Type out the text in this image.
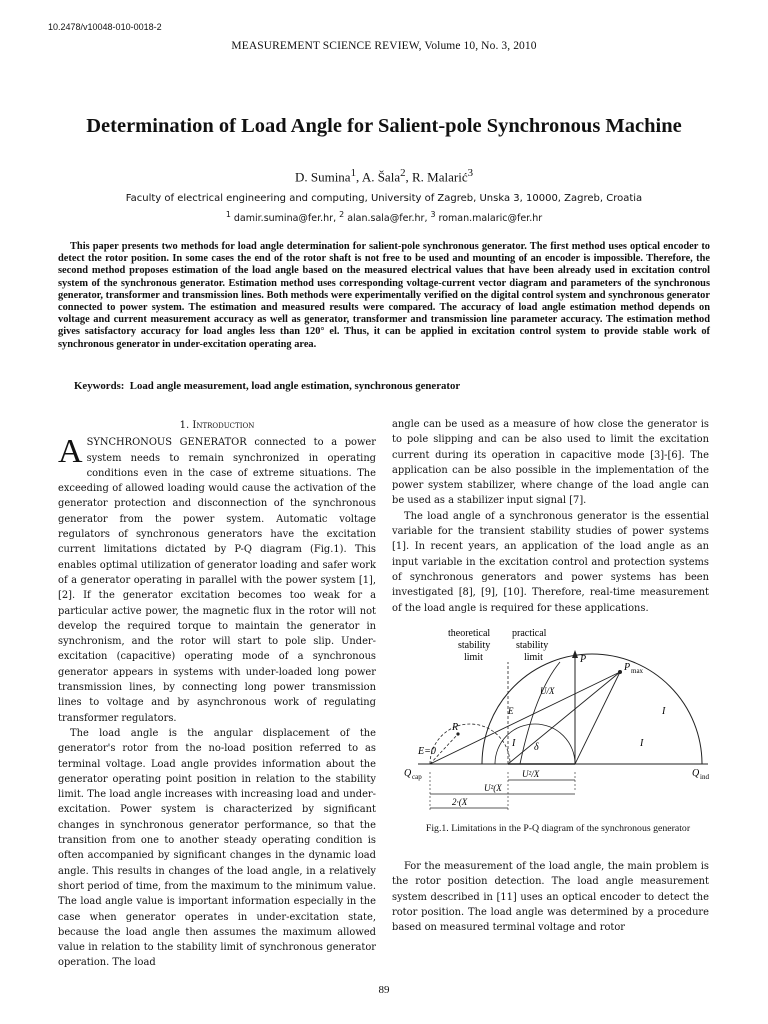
10.2478/v10048-010-0018-2
MEASUREMENT SCIENCE REVIEW, Volume 10, No. 3, 2010
Determination of Load Angle for Salient-pole Synchronous Machine
D. Sumina$^1$, A. Šala$^2$, R. Malarić$^3$
Faculty of electrical engineering and computing, University of Zagreb, Unska 3, 10000, Zagreb, Croatia
$^1$ damir.sumina@fer.hr, $^2$ alan.sala@fer.hr, $^3$ roman.malaric@fer.hr
This paper presents two methods for load angle determination for salient-pole synchronous generator. The first method uses optical encoder to detect the rotor position. In some cases the end of the rotor shaft is not free to be used and mounting of an encoder is impossible. Therefore, the second method proposes estimation of the load angle based on the measured electrical values that have been already used in excitation control system of the synchronous generator. Estimation method uses corresponding voltage-current vector diagram and parameters of the synchronous generator, transformer and transmission lines. Both methods were experimentally verified on the digital control system and synchronous generator connected to power system. The estimation and measured results were compared. The accuracy of load angle estimation method depends on voltage and current measurement accuracy as well as generator, transformer and transmission line parameter accuracy. The estimation method gives satisfactory accuracy for load angles less than 120° el. Thus, it can be applied in excitation control system to provide stable work of synchronous generator in under-excitation operating area.
Keywords: Load angle measurement, load angle estimation, synchronous generator
1. Introduction

ASYNCHRONOUS GENERATOR connected to a power system needs to remain synchronized in operating conditions even in the case of extreme situations. The exceeding of allowed loading would cause the activation of the generator protection and disconnection of the synchronous generator from the power system. Automatic voltage regulators of synchronous generators have the excitation current limitations dictated by P-Q diagram (Fig.1). This enables optimal utilization of generator loading and safer work of a generator operating in parallel with the power system [1], [2]. If the generator excitation becomes too weak for a particular active power, the magnetic flux in the rotor will not develop the required torque to maintain the generator in synchronism, and the rotor will start to pole slip. Under-excitation (capacitive) operating mode of a synchronous generator appears in systems with under-loaded long power transmission lines, by connecting long power transmission lines to voltage and by asynchronous work of regulating transformer regulators.

The load angle is the angular displacement of the generator's rotor from the no-load position referred to as terminal voltage. Load angle provides information about the generator operating point position in relation to the stability limit. The load angle increases with increasing load and under-excitation. Power system is characterized by significant changes in synchronous generator performance, so that the transition from one to another steady operating condition is often accompanied by significant changes in the dynamic load angle. This results in changes of the load angle, in a relatively short period of time, from the maximum to the minimum value. The load angle value is important information especially in the case when generator operates in under-excitation state, because the load angle then assumes the maximum allowed value in relation to the stability limit of synchronous generator operation. The load

angle can be used as a measure of how close the generator is to pole slipping and can be also used to limit the excitation current during its operation in capacitive mode [3]-[6]. The application can be also possible in the implementation of the power system stabilizer, where change of the load angle can be used as a stabilizer input signal [7].

The load angle of a synchronous generator is the essential variable for the transient stability studies of power systems [1]. In recent years, an application of the load angle as an input variable in the excitation control and protection systems of synchronous generators and power systems has been investigated [8], [9], [10]. Therefore, real-time measurement of the load angle is required for these applications.

theoretical
stability
limit
practical
stability
limit	P
P max
U/X
E	I
I
I δ
R
E=0
Q cap	Q ind
U²/X
U²(X
2·(X
Fig.1. Limitations in the P-Q diagram of the synchronous generator

For the measurement of the load angle, the main problem is the rotor position detection. The load angle measurement system described in [11] uses an optical encoder to detect the rotor position. The load angle was determined by a procedure based on measured terminal voltage and rotor

89
